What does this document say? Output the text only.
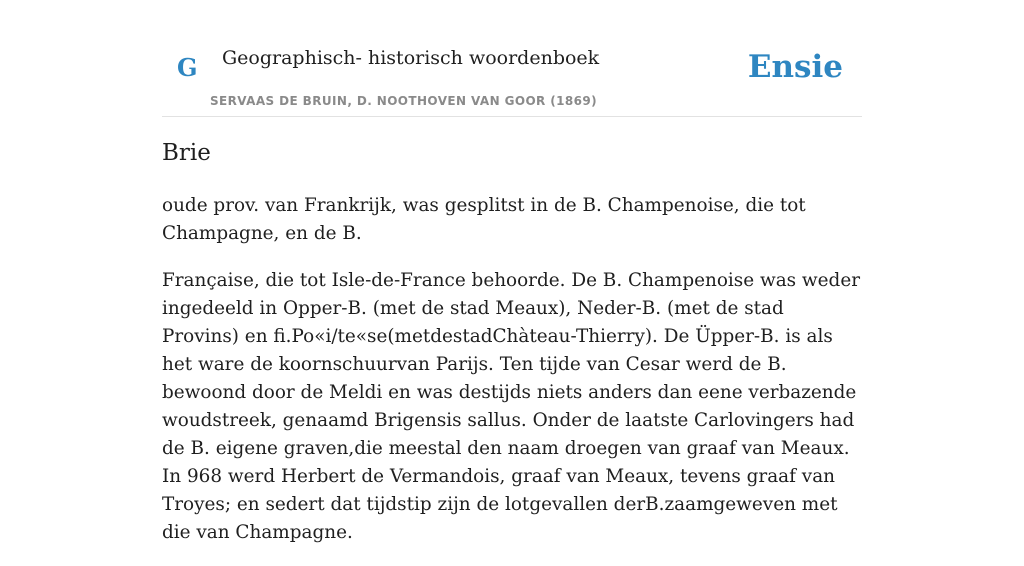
G Geographisch- historisch woordenboek
SERVAAS DE BRUIN, D. NOOTHOVEN VAN GOOR (1869)
Ensie
Brie

oude prov. van Frankrijk, was gesplitst in de B. Champenoise, die tot Champagne, en de B.

Française, die tot Isle-de-France behoorde. De B. Champenoise was weder ingedeeld in Opper-B. (met de stad Meaux), Neder-B. (met de stad Provins) en fi.Po«i/te«se(metdestadChàteau-Thierry). De Üpper-B. is als het ware de koornschuurvan Parijs. Ten tijde van Cesar werd de B. bewoond door de Meldi en was destijds niets anders dan eene verbazende woudstreek, genaamd Brigensis sallus. Onder de laatste Carlovingers had de B. eigene graven,die meestal den naam droegen van graaf van Meaux. In 968 werd Herbert de Vermandois, graaf van Meaux, tevens graaf van Troyes; en sedert dat tijdstip zijn de lotgevallen derB.zaamgeweven met die van Champagne.
